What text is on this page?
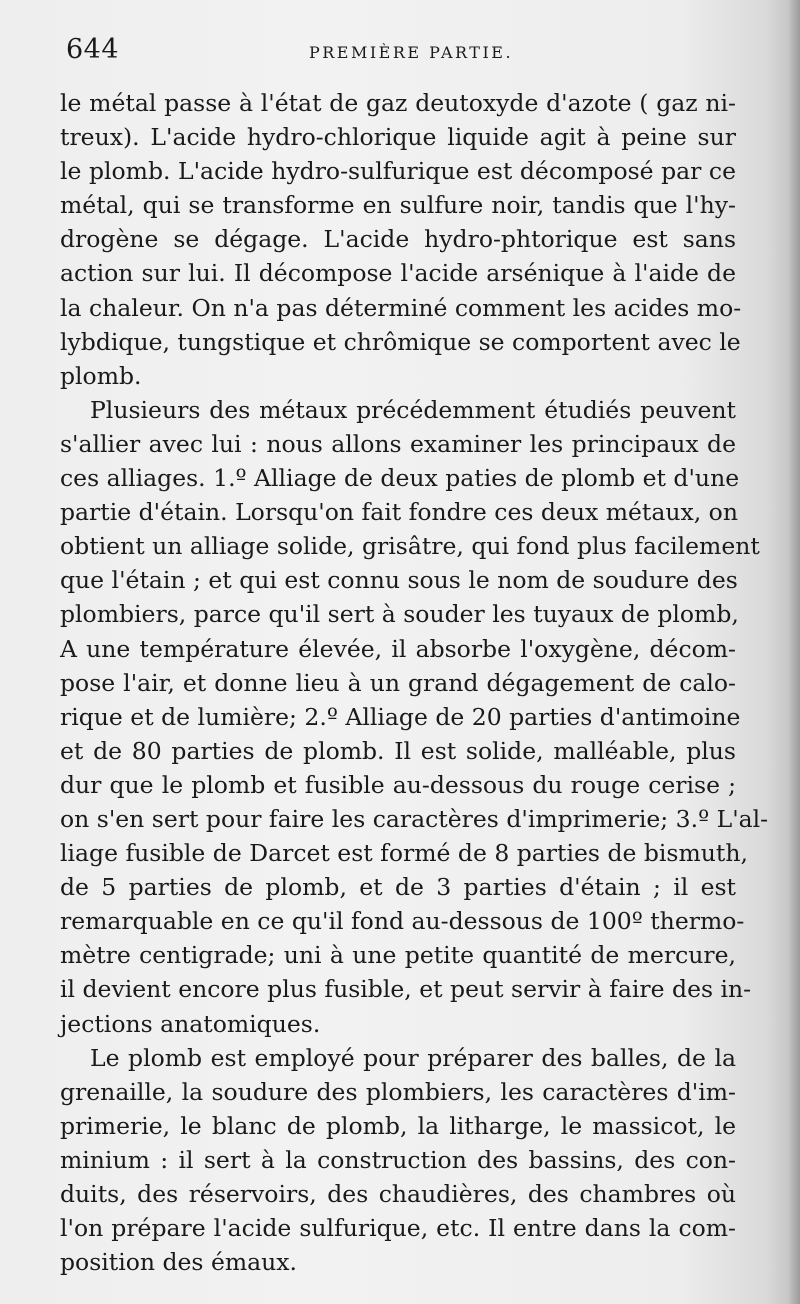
644	PREMIÈRE PARTIE.
le métal passe à l'état de gaz deutoxyde d'azote ( gaz ni-
treux). L'acide hydro-chlorique liquide agit à peine sur
le plomb. L'acide hydro-sulfurique est décomposé par ce
métal, qui se transforme en sulfure noir, tandis que l'hy-
drogène se dégage. L'acide hydro-phtorique est sans
action sur lui. Il décompose l'acide arsénique à l'aide de
la chaleur. On n'a pas déterminé comment les acides mo-
lybdique, tungstique et chrômique se comportent avec le
plomb.
Plusieurs des métaux précédemment étudiés peuvent
s'allier avec lui : nous allons examiner les principaux de
ces alliages. 1.º Alliage de deux paties de plomb et d'une
partie d'étain. Lorsqu'on fait fondre ces deux métaux, on
obtient un alliage solide, grisâtre, qui fond plus facilement
que l'étain ; et qui est connu sous le nom de soudure des
plombiers, parce qu'il sert à souder les tuyaux de plomb,
A une température élevée, il absorbe l'oxygène, décom-
pose l'air, et donne lieu à un grand dégagement de calo-
rique et de lumière; 2.º Alliage de 20 parties d'antimoine
et de 80 parties de plomb. Il est solide, malléable, plus
dur que le plomb et fusible au-dessous du rouge cerise ;
on s'en sert pour faire les caractères d'imprimerie; 3.º L'al-
liage fusible de Darcet est formé de 8 parties de bismuth,
de 5 parties de plomb, et de 3 parties d'étain ; il est
remarquable en ce qu'il fond au-dessous de 100º thermo-
mètre centigrade; uni à une petite quantité de mercure,
il devient encore plus fusible, et peut servir à faire des in-
jections anatomiques.
Le plomb est employé pour préparer des balles, de la
grenaille, la soudure des plombiers, les caractères d'im-
primerie, le blanc de plomb, la litharge, le massicot, le
minium : il sert à la construction des bassins, des con-
duits, des réservoirs, des chaudières, des chambres où
l'on prépare l'acide sulfurique, etc. Il entre dans la com-
position des émaux.
